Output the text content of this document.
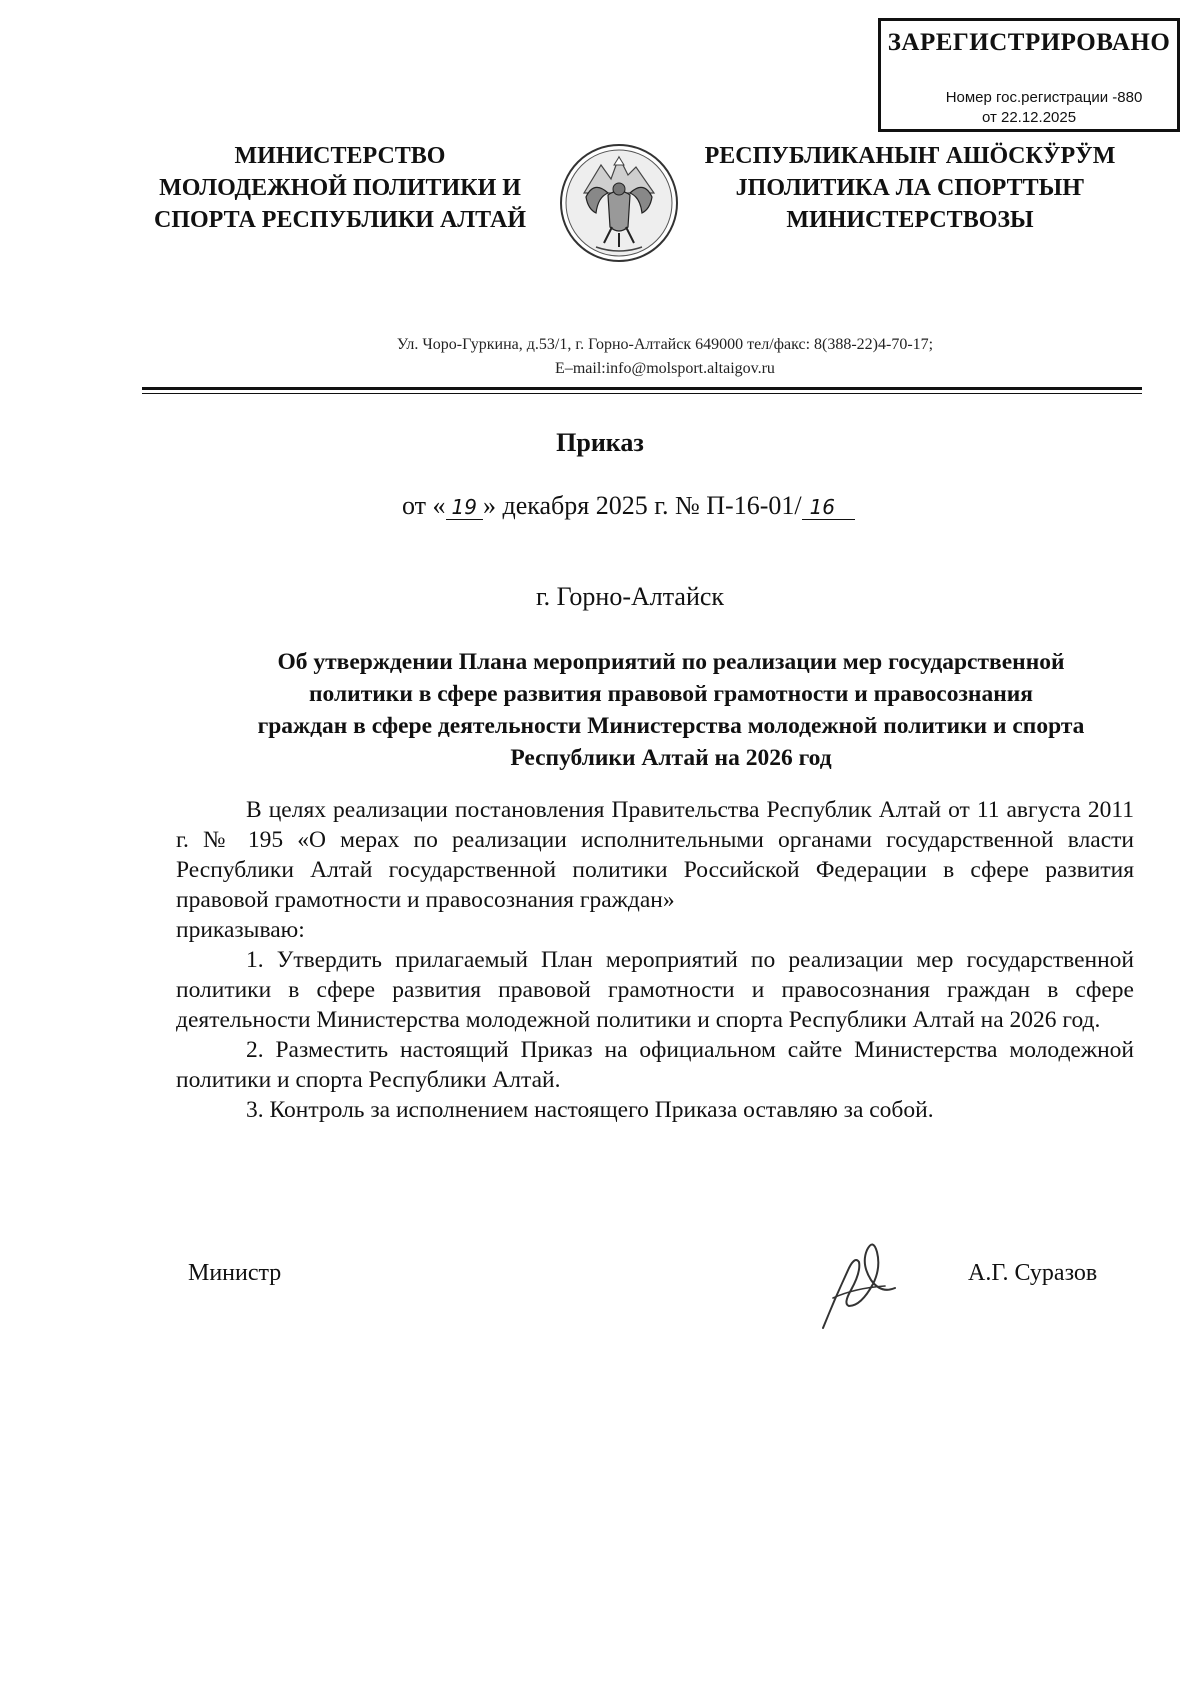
ЗАРЕГИСТРИРОВАНО
Номер гос.регистрации -880
от 22.12.2025
МИНИСТЕРСТВО
МОЛОДЕЖНОЙ ПОЛИТИКИ И
СПОРТА РЕСПУБЛИКИ АЛТАЙ
РЕСПУБЛИКАНЫҤ АШӦСКӰРӰМ
ЈПОЛИТИКА ЛА СПОРТТЫҤ
МИНИСТЕРСТВОЗЫ
Ул. Чоро-Гуркина, д.53/1, г. Горно-Алтайск 649000 тел/факс: 8(388-22)4-70-17;
E–mail:info@molsport.altaigov.ru
Приказ
от « 19 » декабря 2025 г. № П-16-01/ 16
г. Горно-Алтайск
Об утверждении Плана мероприятий по реализации мер государственной
политики в сфере развития правовой грамотности и правосознания
граждан в сфере деятельности Министерства молодежной политики и спорта
Республики Алтай на 2026 год

В целях реализации постановления Правительства Республик Алтай от 11 августа 2011 г. № 195 «О мерах по реализации исполнительными органами государственной власти Республики Алтай государственной политики Российской Федерации в сфере развития правовой грамотности и правосознания граждан»

приказываю:

1. Утвердить прилагаемый План мероприятий по реализации мер государственной политики в сфере развития правовой грамотности и правосознания граждан в сфере деятельности Министерства молодежной политики и спорта Республики Алтай на 2026 год.

2. Разместить настоящий Приказ на официальном сайте Министерства молодежной политики и спорта Республики Алтай.

3. Контроль за исполнением настоящего Приказа оставляю за собой.

Министр	А.Г. Суразов
